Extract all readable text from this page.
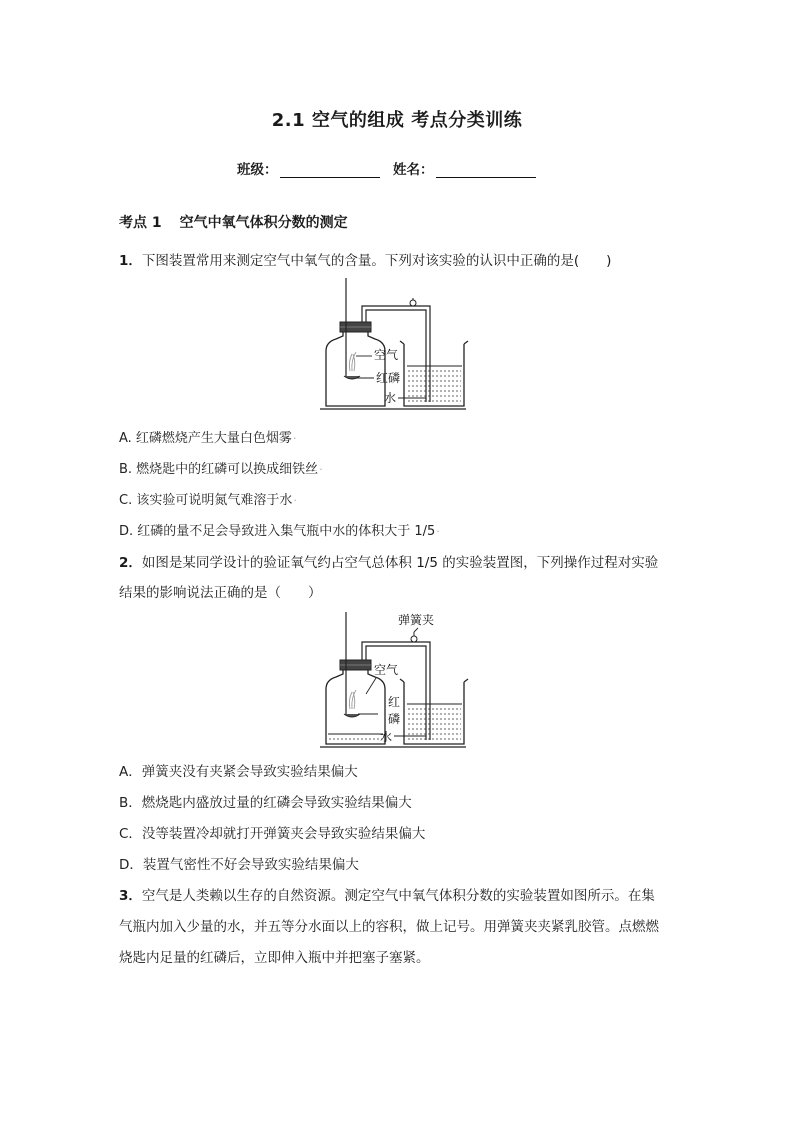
2.1 空气的组成 考点分类训练
班级：	姓名：
考点 1 空气中氧气体积分数的测定
1．下图装置常用来测定空气中氧气的含量。下列对该实验的认识中正确的是(　　)
空气
红磷
水
A. 红磷燃烧产生大量白色烟雾·
B. 燃烧匙中的红磷可以换成细铁丝·
C. 该实验可说明氮气难溶于水·
D. 红磷的量不足会导致进入集气瓶中水的体积大于 1/5·
2．如图是某同学设计的验证氧气约占空气总体积 1/5 的实验装置图，下列操作过程对实验
结果的影响说法正确的是（　　）
弹簧夹
空气
红
磷
水
A．弹簧夹没有夹紧会导致实验结果偏大
B．燃烧匙内盛放过量的红磷会导致实验结果偏大
C．没等装置冷却就打开弹簧夹会导致实验结果偏大
D．装置气密性不好会导致实验结果偏大
3．空气是人类赖以生存的自然资源。测定空气中氧气体积分数的实验装置如图所示。在集
气瓶内加入少量的水，并五等分水面以上的容积，做上记号。用弹簧夹夹紧乳胶管。点燃燃
烧匙内足量的红磷后，立即伸入瓶中并把塞子塞紧。
